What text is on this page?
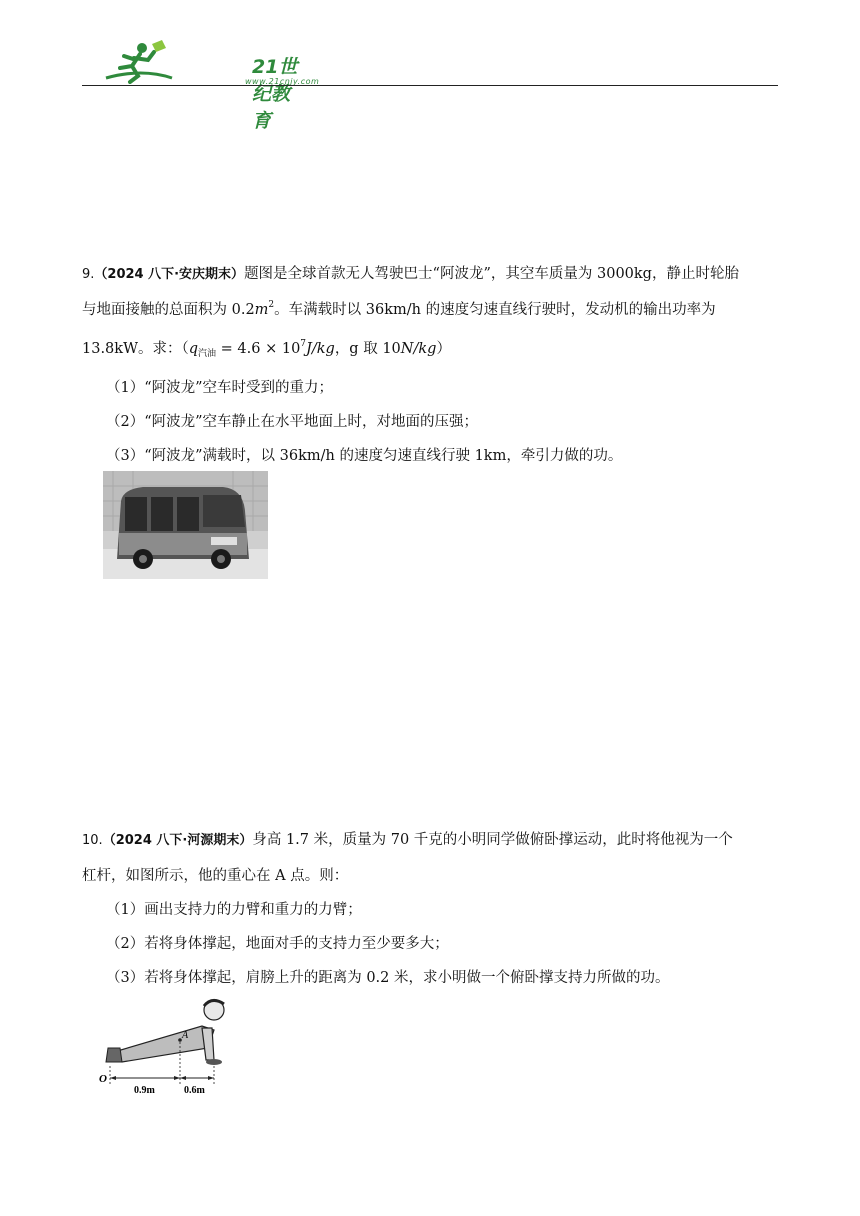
21世纪教育
www.21cnjy.com
9.（2024 八下·安庆期末）题图是全球首款无人驾驶巴士“阿波龙”，其空车质量为 3000kg，静止时轮胎
与地面接触的总面积为 $0.2m^2$。车满载时以 36km/h 的速度匀速直线行驶时，发动机的输出功率为
13.8kW。求：（$q_{汽油} = 4.6 \times 10^7J/kg$，g 取 10N/kg）
（1）“阿波龙”空车时受到的重力；
（2）“阿波龙”空车静止在水平地面上时，对地面的压强；
（3）“阿波龙”满载时，以 36km/h 的速度匀速直线行驶 1km，牵引力做的功。
10.（2024 八下·河源期末）身高 1.7 米，质量为 70 千克的小明同学做俯卧撑运动，此时将他视为一个
杠杆，如图所示，他的重心在 A 点。则：
（1）画出支持力的力臂和重力的力臂；
（2）若将身体撑起，地面对手的支持力至少要多大；
（3）若将身体撑起，肩膀上升的距离为 0.2 米，求小明做一个俯卧撑支持力所做的功。
A
O
0.9m	0.6m
